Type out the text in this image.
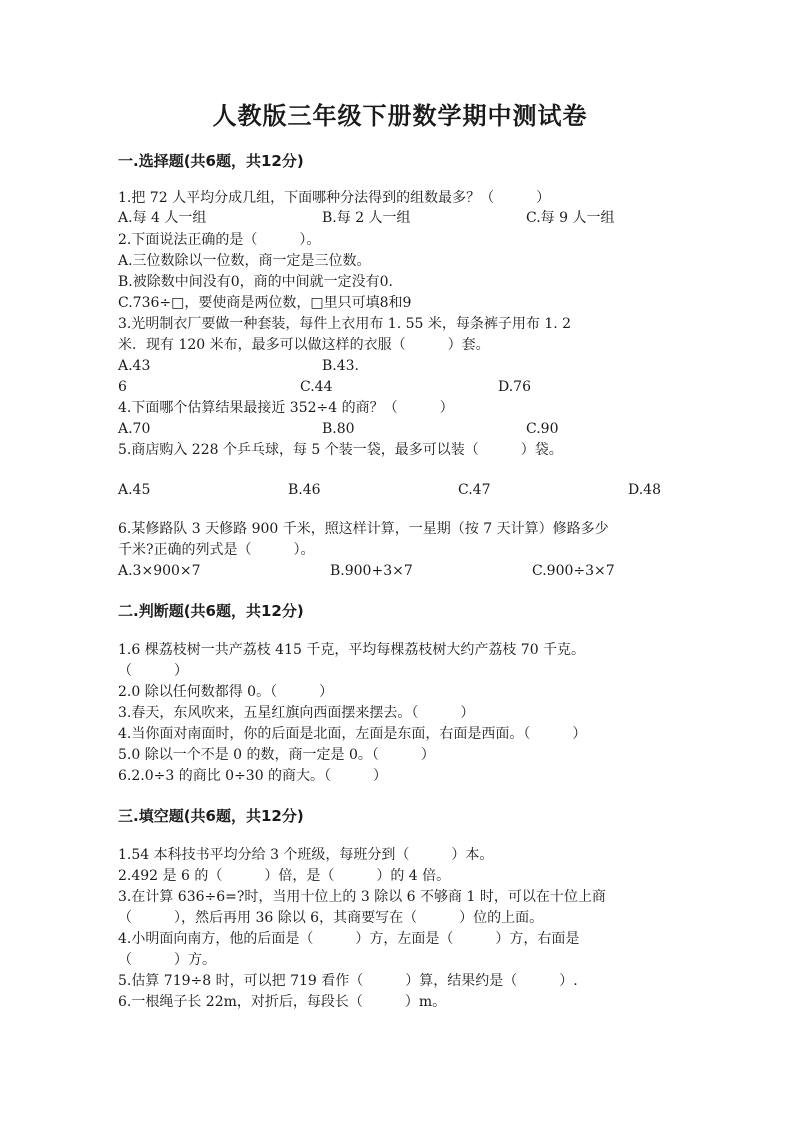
人教版三年级下册数学期中测试卷
一.选择题(共6题，共12分)
1.把 72 人平均分成几组，下面哪种分法得到的组数最多？（　　　）
A.每 4 人一组	B.每 2 人一组	C.每 9 人一组
2.下面说法正确的是（　　　）。
A.三位数除以一位数，商一定是三位数。
B.被除数中间没有0，商的中间就一定没有0.
C.736÷□，要使商是两位数，□里只可填8和9
3.光明制衣厂要做一种套装，每件上衣用布 1. 55 米，每条裤子用布 1. 2
米．现有 120 米布，最多可以做这样的衣服（　　　）套。
A.43	B.43.
6	C.44	D.76
4.下面哪个估算结果最接近 352÷4 的商？（　　　）
A.70	B.80	C.90
5.商店购入 228 个乒乓球，每 5 个装一袋，最多可以装（　　　）袋。
A.45	B.46	C.47	D.48
6.某修路队 3 天修路 900 千米，照这样计算，一星期（按 7 天计算）修路多少
千米?正确的列式是（　　　）。
A.3×900×7	B.900+3×7	C.900÷3×7
二.判断题(共6题，共12分)
1.6 棵荔枝树一共产荔枝 415 千克，平均每棵荔枝树大约产荔枝 70 千克。
（　　　）
2.0 除以任何数都得 0。（　　　）
3.春天，东风吹来，五星红旗向西面摆来摆去。（　　　）
4.当你面对南面时，你的后面是北面，左面是东面，右面是西面。（　　　）
5.0 除以一个不是 0 的数，商一定是 0。（　　　）
6.2.0÷3 的商比 0÷30 的商大。（　　　）
三.填空题(共6题，共12分)
1.54 本科技书平均分给 3 个班级，每班分到（　　　）本。
2.492 是 6 的（　　　）倍，是（　　　）的 4 倍。
3.在计算 636÷6=?时，当用十位上的 3 除以 6 不够商 1 时，可以在十位上商
（　　　），然后再用 36 除以 6，其商要写在（　　　）位的上面。
4.小明面向南方，他的后面是（　　　）方，左面是（　　　）方，右面是
（　　　）方。
5.估算 719÷8 时，可以把 719 看作（　　　）算，结果约是（　　　）.
6.一根绳子长 22m，对折后，每段长（　　　）m。
